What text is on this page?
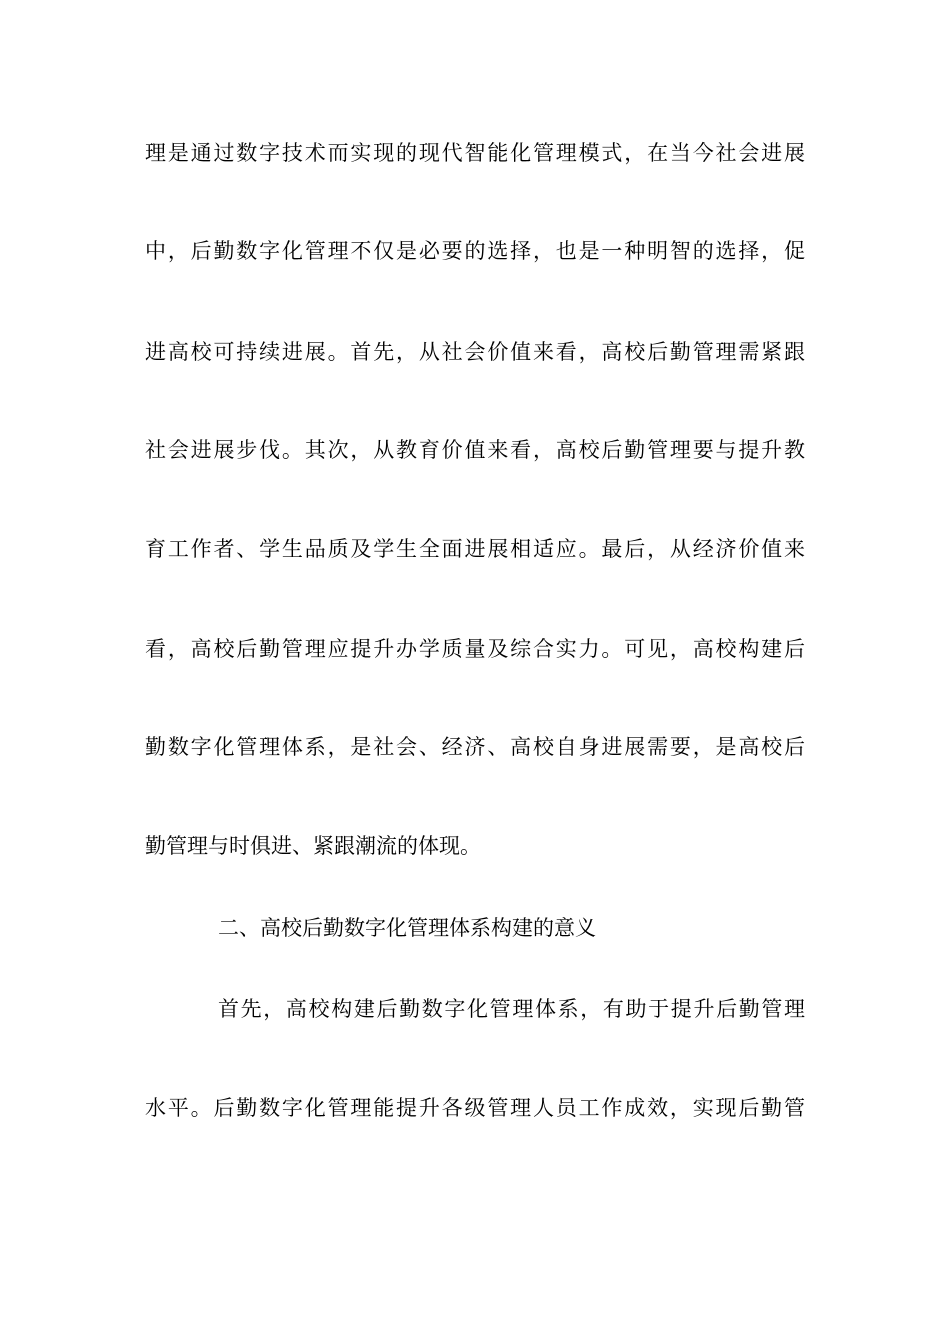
理是通过数字技术而实现的现代智能化管理模式，在当今社会进展
中，后勤数字化管理不仅是必要的选择，也是一种明智的选择，促
进高校可持续进展。首先，从社会价值来看，高校后勤管理需紧跟
社会进展步伐。其次，从教育价值来看，高校后勤管理要与提升教
育工作者、学生品质及学生全面进展相适应。最后，从经济价值来
看，高校后勤管理应提升办学质量及综合实力。可见，高校构建后
勤数字化管理体系，是社会、经济、高校自身进展需要，是高校后
勤管理与时俱进、紧跟潮流的体现。
二、高校后勤数字化管理体系构建的意义
首先，高校构建后勤数字化管理体系，有助于提升后勤管理
水平。后勤数字化管理能提升各级管理人员工作成效，实现后勤管
